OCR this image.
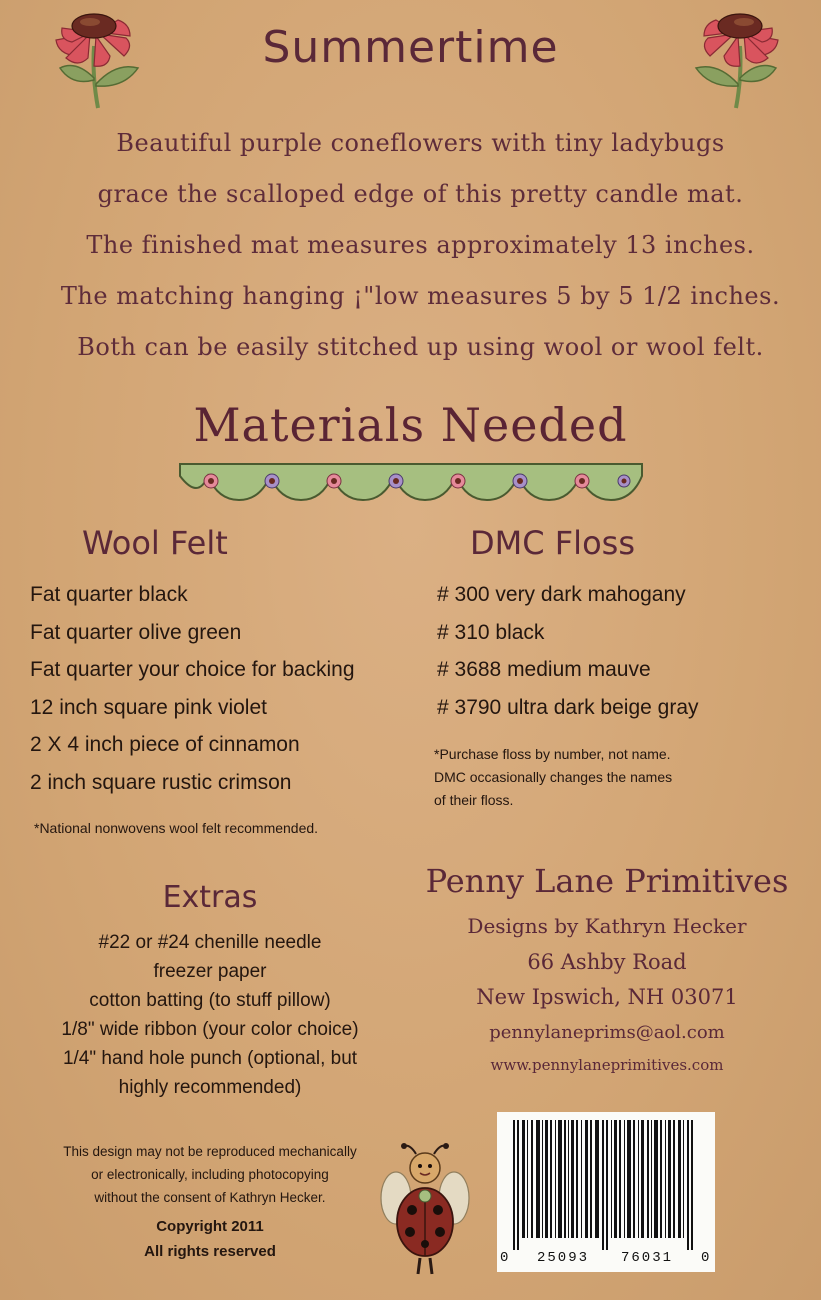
Summertime
Beautiful purple coneflowers with tiny ladybugs
grace the scalloped edge of this pretty candle mat.
The finished mat measures approximately 13 inches.
The matching hanging ¡"low measures 5 by 5 1/2 inches.
Both can be easily stitched up using wool or wool felt.
Materials Needed
Wool Felt
Fat quarter black
Fat quarter olive green
Fat quarter your choice for backing
12 inch square pink violet
2 X 4 inch piece of cinnamon
2 inch square rustic crimson
*National nonwovens wool felt recommended.
DMC Floss
# 300 very dark mahogany
# 310 black
# 3688 medium mauve
# 3790 ultra dark beige gray
*Purchase floss by number, not name.
DMC occasionally changes the names
of their floss.
Extras
#22 or #24 chenille needle
freezer paper
cotton batting (to stuff pillow)
1/8" wide ribbon (your color choice)
1/4" hand hole punch (optional, but
highly recommended)
Penny Lane Primitives
Designs by Kathryn Hecker
66 Ashby Road
New Ipswich, NH 03071
pennylaneprims@aol.com
www.pennylaneprimitives.com
This design may not be reproduced mechanically
or electronically, including photocopying
without the consent of Kathryn Hecker.
Copyright 2011
All rights reserved	0 25093 76031 0
